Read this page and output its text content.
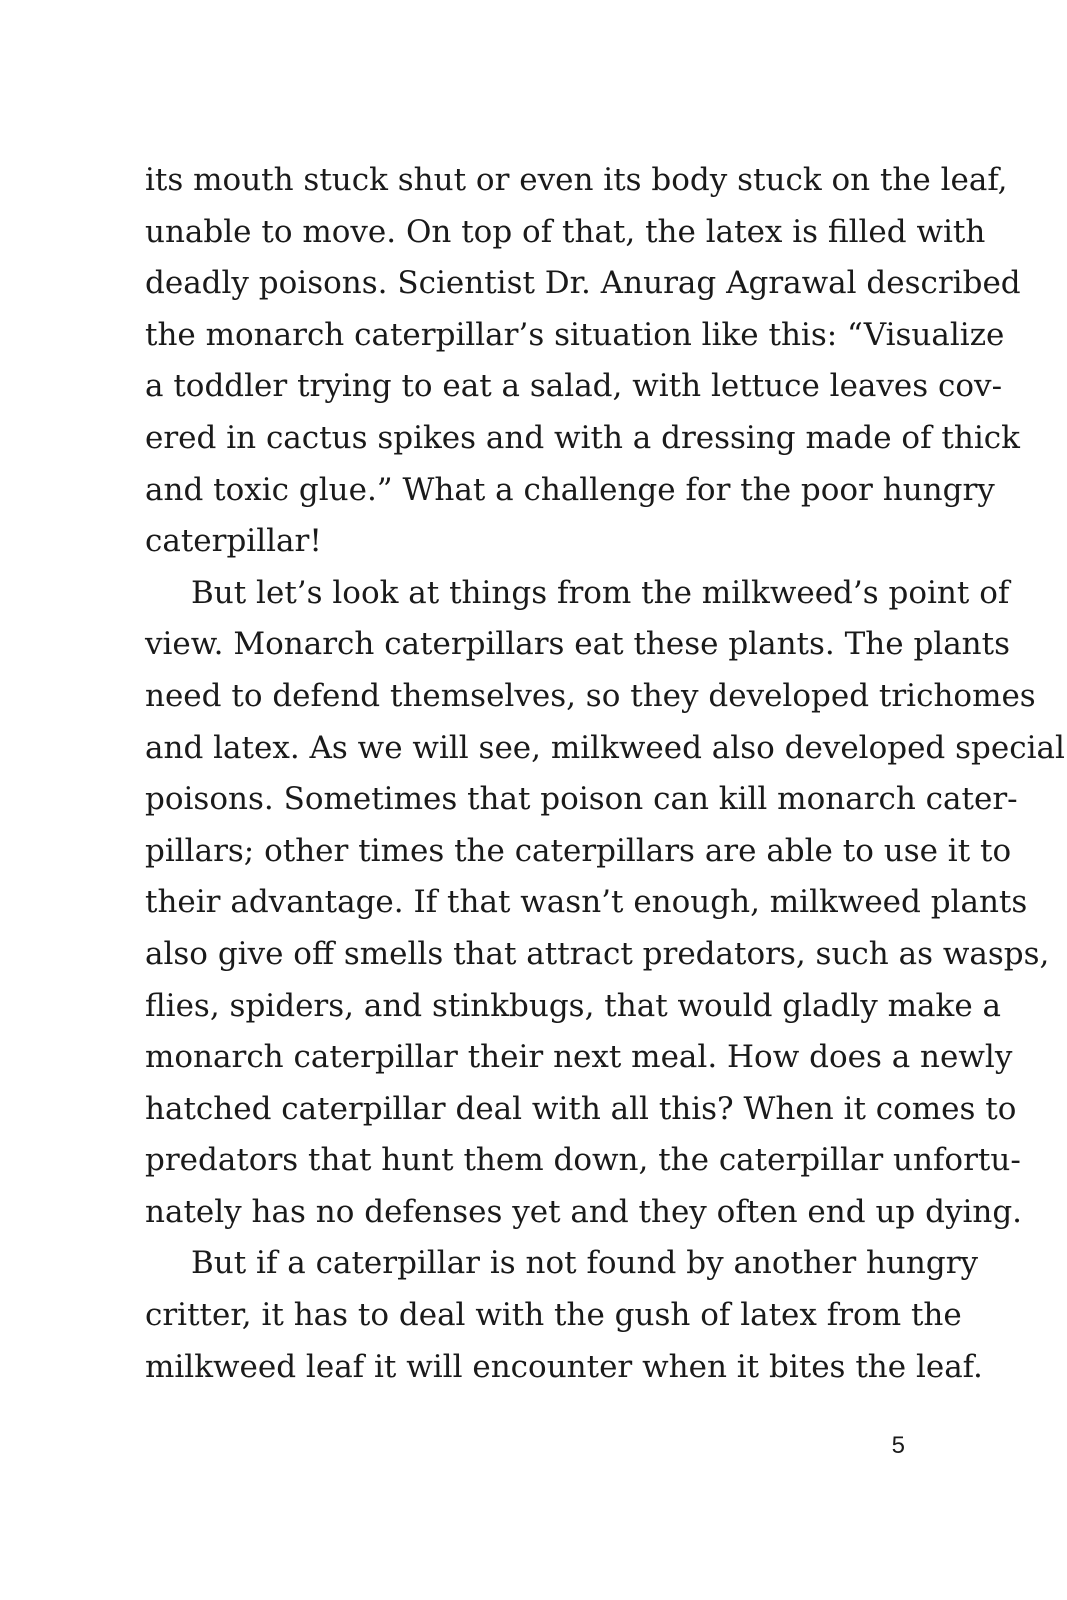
its mouth stuck shut or even its body stuck on the leaf,
unable to move. On top of that, the latex is filled with
deadly poisons. Scientist Dr. Anurag Agrawal described
the monarch caterpillar’s situation like this: “Visualize
a toddler trying to eat a salad, with lettuce leaves cov-
ered in cactus spikes and with a dressing made of thick
and toxic glue.” What a challenge for the poor hungry
caterpillar!
But let’s look at things from the milkweed’s point of
view. Monarch caterpillars eat these plants. The plants
need to defend themselves, so they developed trichomes
and latex. As we will see, milkweed also developed special
poisons. Sometimes that poison can kill monarch cater-
pillars; other times the caterpillars are able to use it to
their advantage. If that wasn’t enough, milkweed plants
also give off smells that attract predators, such as wasps,
flies, spiders, and stinkbugs, that would gladly make a
monarch caterpillar their next meal. How does a newly
hatched caterpillar deal with all this? When it comes to
predators that hunt them down, the caterpillar unfortu-
nately has no defenses yet and they often end up dying.
But if a caterpillar is not found by another hungry
critter, it has to deal with the gush of latex from the
milkweed leaf it will encounter when it bites the leaf.
5
